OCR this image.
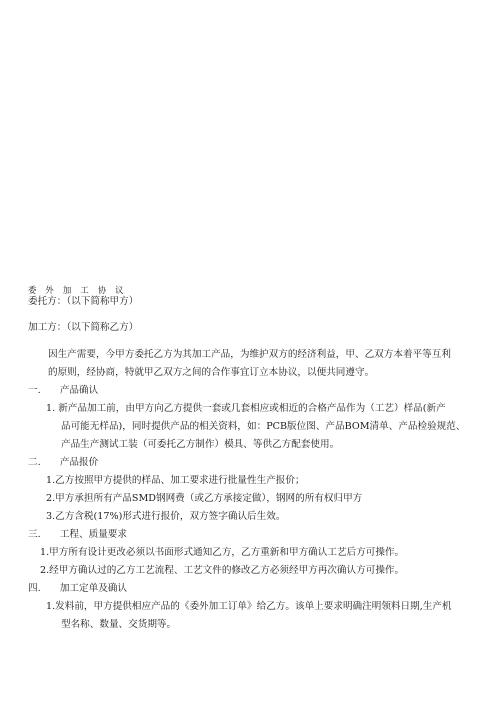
委 外 加 工 协 议
委托方：（以下简称甲方）
加工方：（以下简称乙方）
因生产需要，今甲方委托乙方为其加工产品，为维护双方的经济利益，甲、乙双方本着平等互利
的原则，经协商，特就甲乙双方之间的合作事宜订立本协议，以便共同遵守。
一.　　产品确认
1. 新产品加工前，由甲方向乙方提供一套或几套相应或相近的合格产品作为（工艺）样品(新产
品可能无样品)，同时提供产品的相关资料，如：PCB版位图、产品BOM清单、产品检验规范、
产品生产测试工装（可委托乙方制作）模具、等供乙方配套使用。
二.　　产品报价
1.乙方按照甲方提供的样品、加工要求进行批量性生产报价；
2.甲方承担所有产品SMD钢网费（或乙方承接定做），钢网的所有权归甲方
3.乙方含税(17%)形式进行报价，双方签字确认后生效。
三.　　工程、质量要求
1.甲方所有设计更改必须以书面形式通知乙方，乙方重新和甲方确认工艺后方可操作。
2.经甲方确认过的乙方工艺流程、工艺文件的修改乙方必须经甲方再次确认方可操作。
四.　　加工定单及确认
1.发料前，甲方提供相应产品的《委外加工订单》给乙方。该单上要求明确注明领料日期,生产机
型名称、数量、交货期等。
